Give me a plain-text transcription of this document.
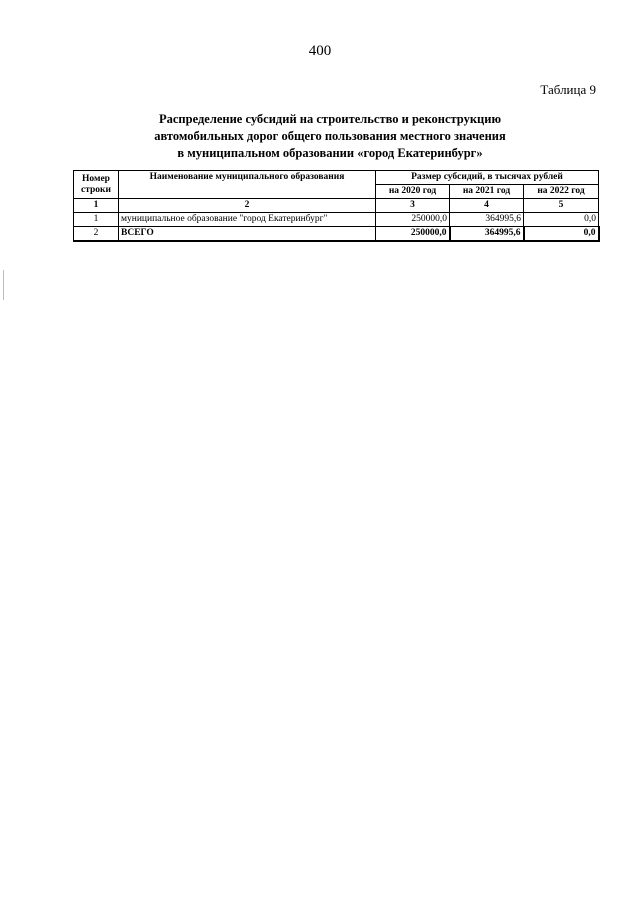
400
Таблица 9
Распределение субсидий на строительство и реконструкцию
автомобильных дорог общего пользования местного значения
в муниципальном образовании «город Екатеринбург»
Номер
строки	Наименование муниципального образования	Размер субсидий, в тысячах рублей		
		на 2020 год	на 2021 год	на 2022 год
1	2	3	4	5
1	муниципальное образование "город Екатеринбург"	250000,0	364995,6	0,0
2	ВСЕГО	250000,0	364995,6	0,0
